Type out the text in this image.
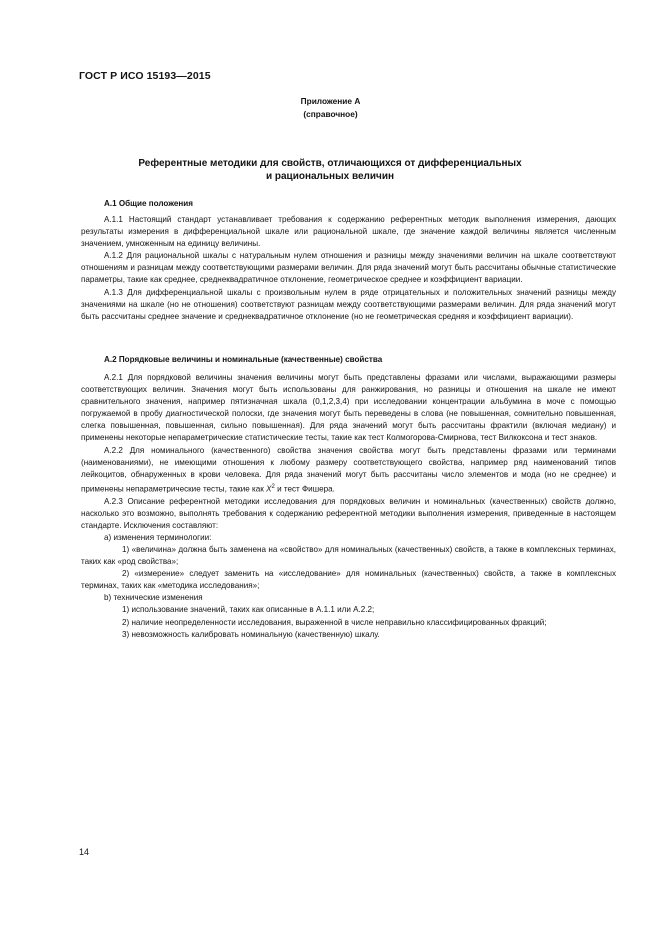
ГОСТ Р ИСО 15193—2015
Приложение А
(справочное)
Референтные методики для свойств, отличающихся от дифференциальных
и рациональных величин
А.1 Общие положения

А.1.1 Настоящий стандарт устанавливает требования к содержанию референтных методик выполнения измерения, дающих результаты измерения в дифференциальной шкале или рациональной шкале, где значение каждой величины является численным значением, умноженным на единицу величины.

А.1.2 Для рациональной шкалы с натуральным нулем отношения и разницы между значениями величин на шкале соответствуют отношениям и разницам между соответствующими размерами величин. Для ряда значений могут быть рассчитаны обычные статистические параметры, такие как среднее, среднеквадратичное отклонение, геометрическое среднее и коэффициент вариации.

А.1.3 Для дифференциальной шкалы с произвольным нулем в ряде отрицательных и положительных значений разницы между значениями на шкале (но не отношения) соответствуют разницам между соответствующими размерами величин. Для ряда значений могут быть рассчитаны среднее значение и среднеквадратичное отклонение (но не геометрическая средняя и коэффициент вариации).

А.2 Порядковые величины и номинальные (качественные) свойства

А.2.1 Для порядковой величины значения величины могут быть представлены фразами или числами, выражающими размеры соответствующих величин. Значения могут быть использованы для ранжирования, но разницы и отношения на шкале не имеют сравнительного значения, например пятизначная шкала (0,1,2,3,4) при исследовании концентрации альбумина в моче с помощью погружаемой в пробу диагностической полоски, где значения могут быть переведены в слова (не повышенная, сомнительно повышенная, слегка повышенная, повышенная, сильно повышенная). Для ряда значений могут быть рассчитаны фрактили (включая медиану) и применены некоторые непараметрические статистические тесты, такие как тест Колмогорова-Смирнова, тест Вилкоксона и тест знаков.

А.2.2 Для номинального (качественного) свойства значения свойства могут быть представлены фразами или терминами (наименованиями), не имеющими отношения к любому размеру соответствующего свойства, например ряд наименований типов лейкоцитов, обнаруженных в крови человека. Для ряда значений могут быть рассчитаны число элементов и мода (но не среднее) и применены непараметрические тесты, такие как $X^2$ и тест Фишера.

А.2.3 Описание референтной методики исследования для порядковых величин и номинальных (качественных) свойств должно, насколько это возможно, выполнять требования к содержанию референтной методики выполнения измерения, приведенные в настоящем стандарте. Исключения составляют:

а) изменения терминологии:

1) «величина» должна быть заменена на «свойство» для номинальных (качественных) свойств, а также в комплексных терминах, таких как «род свойства»;

2) «измерение» следует заменить на «исследование» для номинальных (качественных) свойств, а также в комплексных терминах, таких как «методика исследования»;

b) технические изменения

1) использование значений, таких как описанные в А.1.1 или А.2.2;

2) наличие неопределенности исследования, выраженной в числе неправильно классифицированных фракций;

3) невозможность калибровать номинальную (качественную) шкалу.

14
